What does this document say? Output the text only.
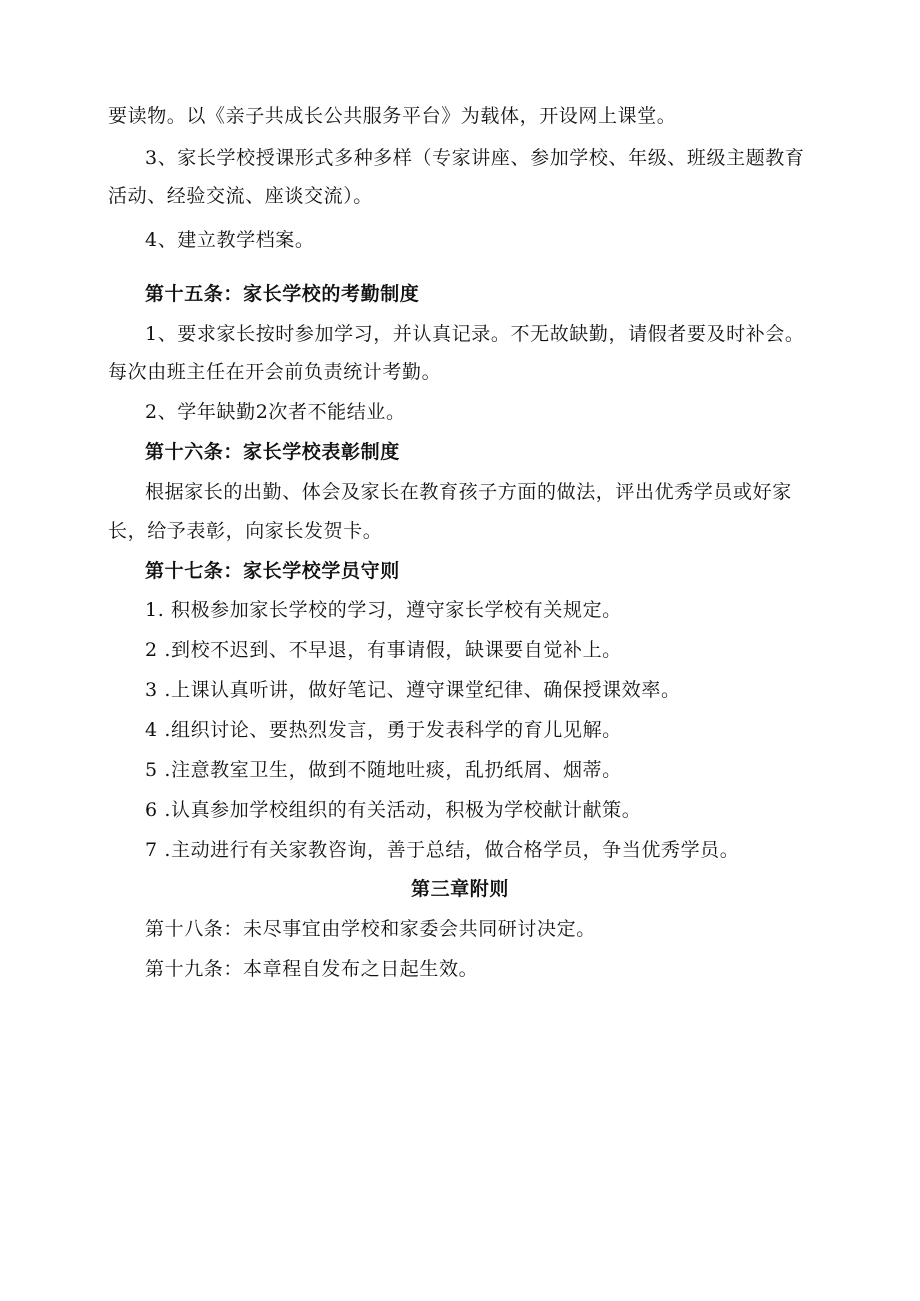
要读物。以《亲子共成长公共服务平台》为载体，开设网上课堂。
3、家长学校授课形式多种多样（专家讲座、参加学校、年级、班级主题教育
活动、经验交流、座谈交流）。
4、建立教学档案。
第十五条：家长学校的考勤制度
1、要求家长按时参加学习，并认真记录。不无故缺勤，请假者要及时补会。
每次由班主任在开会前负责统计考勤。
2、学年缺勤2次者不能结业。
第十六条：家长学校表彰制度
根据家长的出勤、体会及家长在教育孩子方面的做法，评出优秀学员或好家
长，给予表彰，向家长发贺卡。
第十七条：家长学校学员守则
1. 积极参加家长学校的学习，遵守家长学校有关规定。
2 .到校不迟到、不早退，有事请假，缺课要自觉补上。
3 .上课认真听讲，做好笔记、遵守课堂纪律、确保授课效率。
4 .组织讨论、要热烈发言，勇于发表科学的育儿见解。
5 .注意教室卫生，做到不随地吐痰，乱扔纸屑、烟蒂。
6 .认真参加学校组织的有关活动，积极为学校献计献策。
7 .主动进行有关家教咨询，善于总结，做合格学员，争当优秀学员。
第三章附则
第十八条：未尽事宜由学校和家委会共同研讨决定。
第十九条：本章程自发布之日起生效。
